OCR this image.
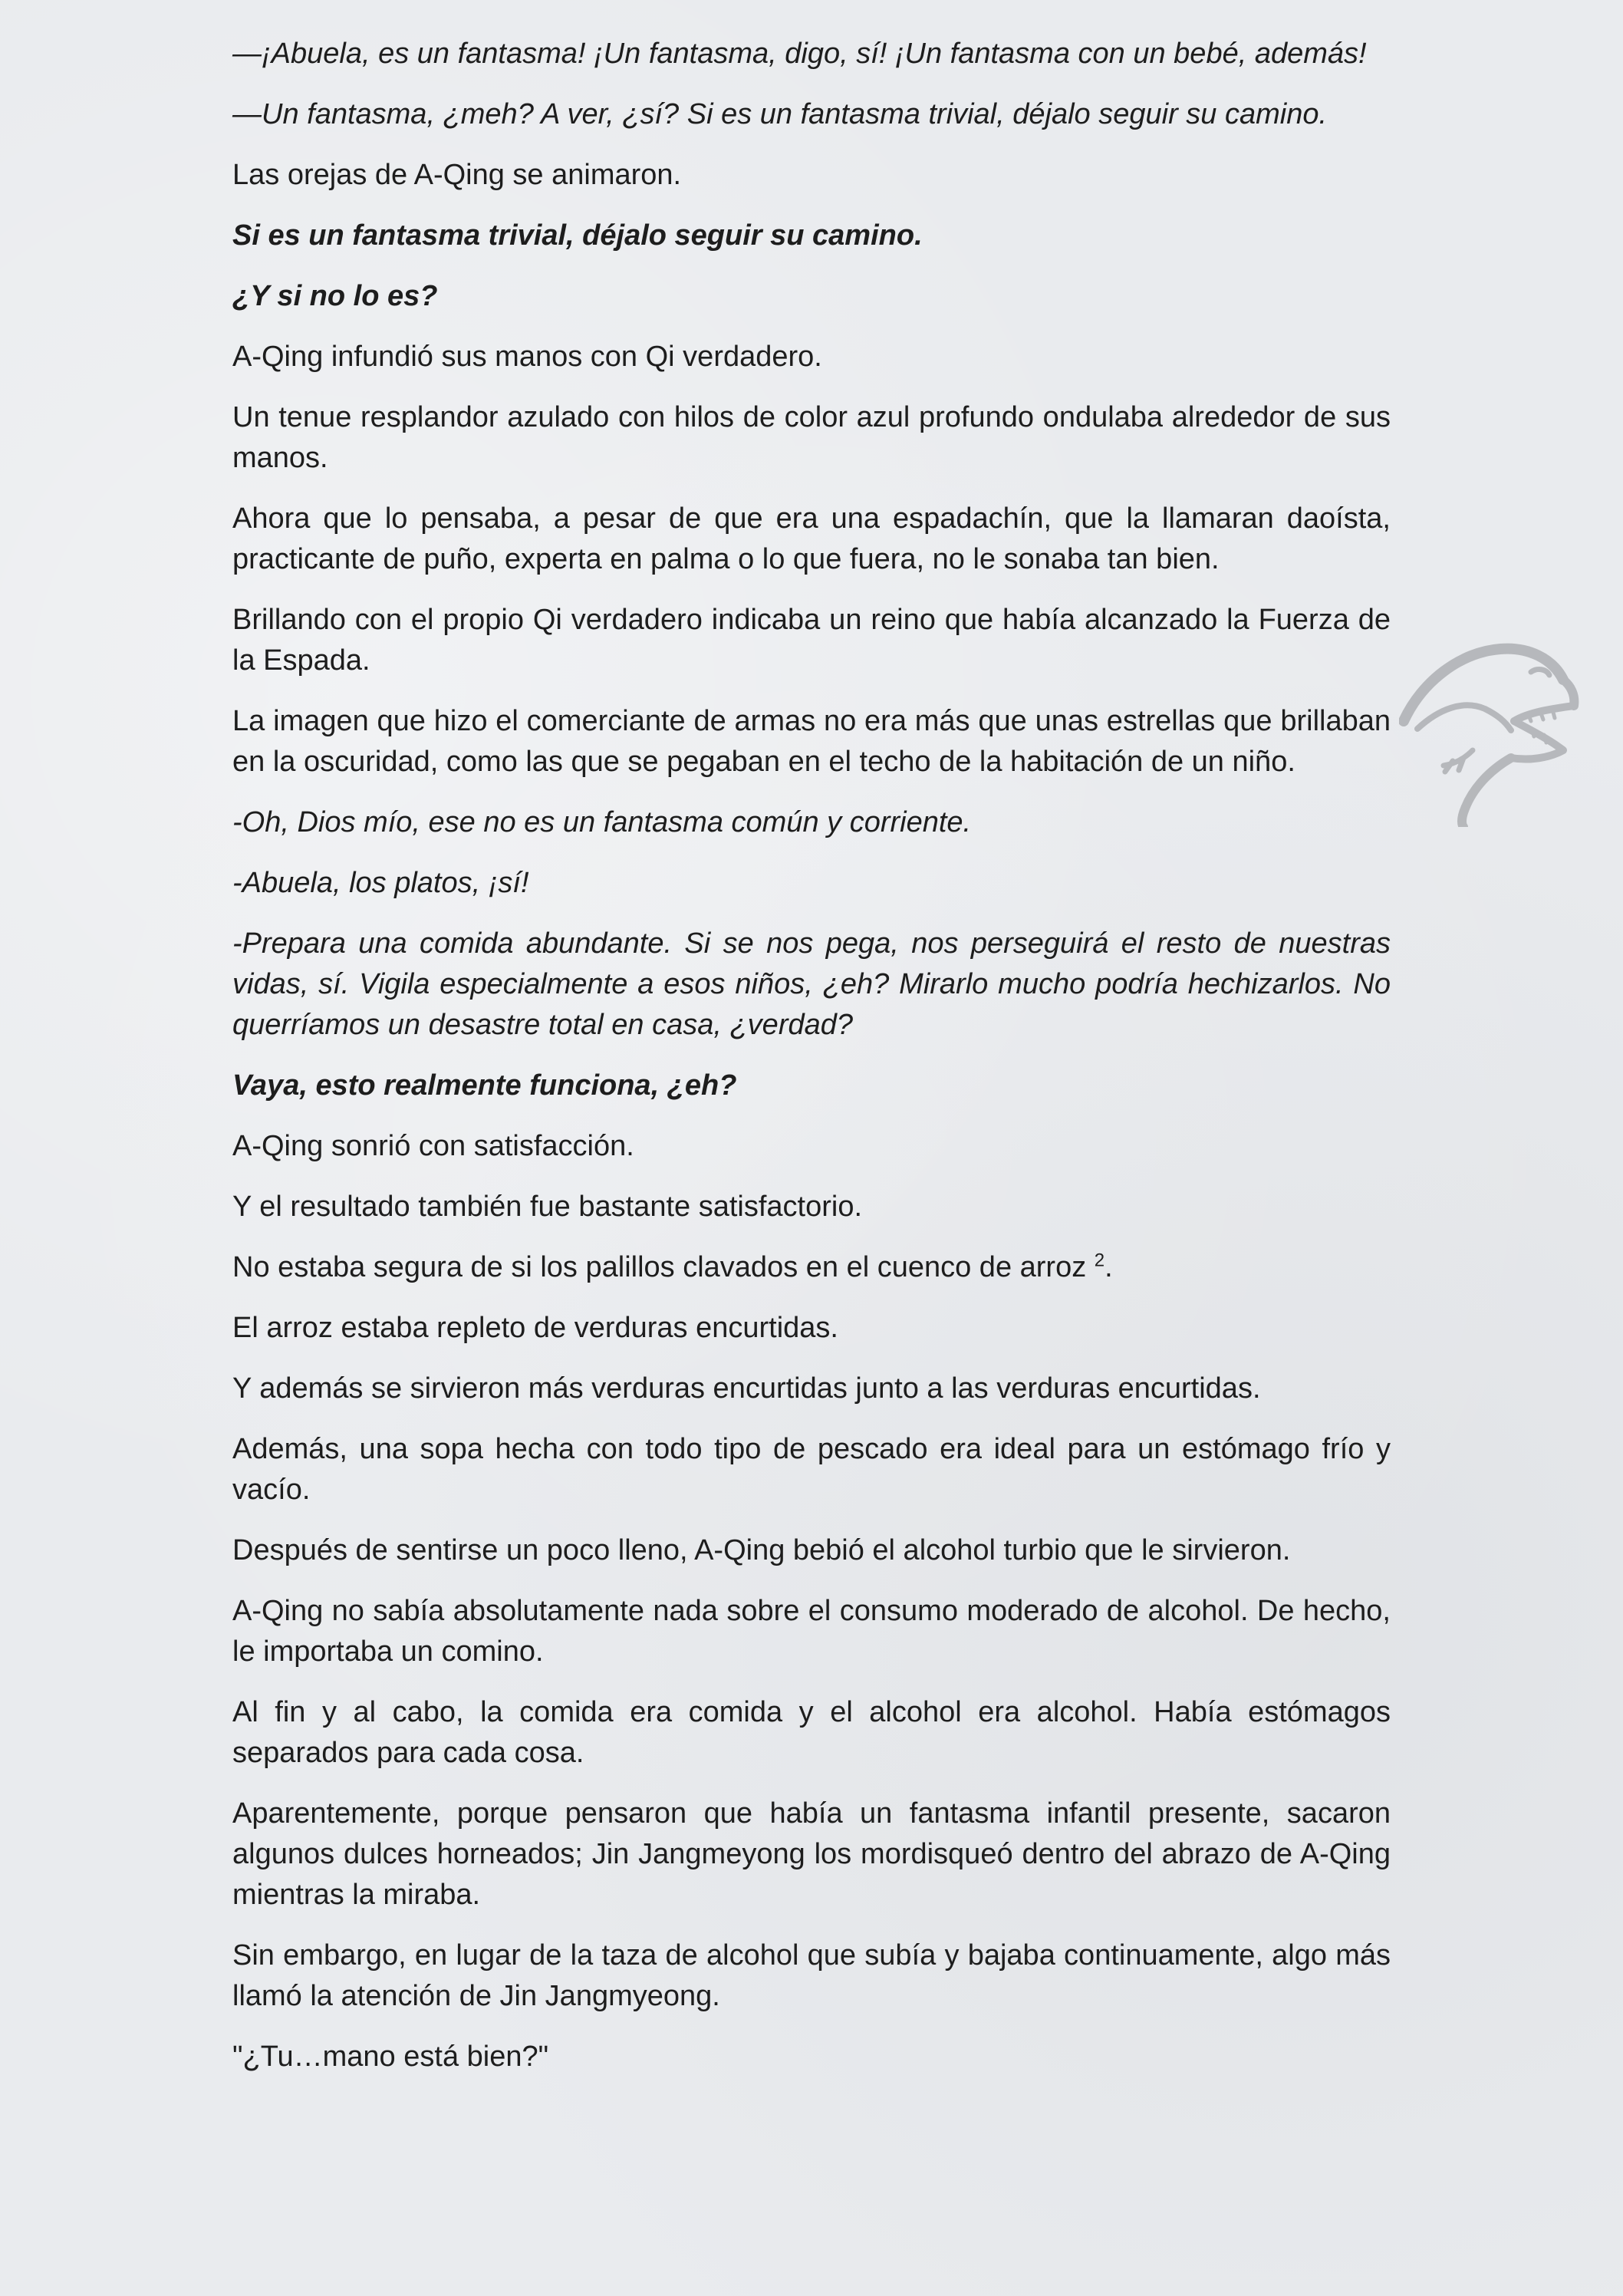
—¡Abuela, es un fantasma! ¡Un fantasma, digo, sí! ¡Un fantasma con un bebé, además!

—Un fantasma, ¿meh? A ver, ¿sí? Si es un fantasma trivial, déjalo seguir su camino.

Las orejas de A-Qing se animaron.

Si es un fantasma trivial, déjalo seguir su camino.

¿Y si no lo es?

A-Qing infundió sus manos con Qi verdadero.

Un tenue resplandor azulado con hilos de color azul profundo ondulaba alrededor de sus manos.

Ahora que lo pensaba, a pesar de que era una espadachín, que la llamaran daoísta, practicante de puño, experta en palma o lo que fuera, no le sonaba tan bien.

Brillando con el propio Qi verdadero indicaba un reino que había alcanzado la Fuerza de la Espada.

La imagen que hizo el comerciante de armas no era más que unas estrellas que brillaban en la oscuridad, como las que se pegaban en el techo de la habitación de un niño.

-Oh, Dios mío, ese no es un fantasma común y corriente.

-Abuela, los platos, ¡sí!

-Prepara una comida abundante. Si se nos pega, nos perseguirá el resto de nuestras vidas, sí. Vigila especialmente a esos niños, ¿eh? Mirarlo mucho podría hechizarlos. No querríamos un desastre total en casa, ¿verdad?

Vaya, esto realmente funciona, ¿eh?

A-Qing sonrió con satisfacción.

Y el resultado también fue bastante satisfactorio.

No estaba segura de si los palillos clavados en el cuenco de arroz $^2$.

El arroz estaba repleto de verduras encurtidas.

Y además se sirvieron más verduras encurtidas junto a las verduras encurtidas.

Además, una sopa hecha con todo tipo de pescado era ideal para un estómago frío y vacío.

Después de sentirse un poco lleno, A-Qing bebió el alcohol turbio que le sirvieron.

A-Qing no sabía absolutamente nada sobre el consumo moderado de alcohol. De hecho, le importaba un comino.

Al fin y al cabo, la comida era comida y el alcohol era alcohol. Había estómagos separados para cada cosa.

Aparentemente, porque pensaron que había un fantasma infantil presente, sacaron algunos dulces horneados; Jin Jangmeyong los mordisqueó dentro del abrazo de A-Qing mientras la miraba.

Sin embargo, en lugar de la taza de alcohol que subía y bajaba continuamente, algo más llamó la atención de Jin Jangmyeong.

"¿Tu…mano está bien?"
